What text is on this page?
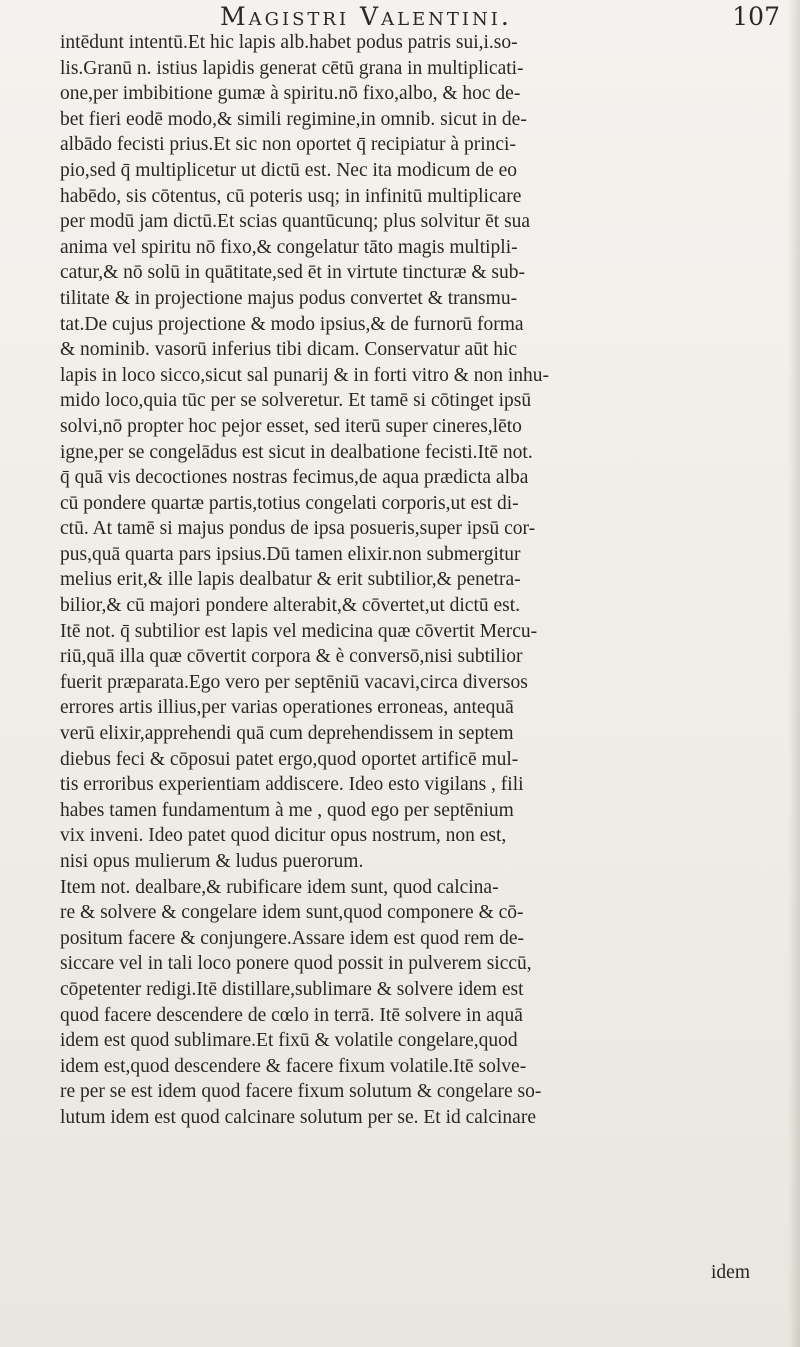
Magistri Valentini.	107
intēdunt intentū.Et hic lapis alb.habet podus patris sui,i.so-
lis.Granū n. istius lapidis generat cētū grana in multiplicati-
one,per imbibitione gumæ à spiritu.nō fixo,albo, & hoc de-
bet fieri eodē modo,& simili regimine,in omnib. sicut in de-
albādo fecisti prius.Et sic non oportet q̄ recipiatur à princi-
pio,sed q̄ multiplicetur ut dictū est. Nec ita modicum de eo
habēdo, sis cōtentus, cū poteris usq; in infinitū multiplicare
per modū jam dictū.Et scias quantūcunq; plus solvitur ēt sua
anima vel spiritu nō fixo,& congelatur tāto magis multipli-
catur,& nō solū in quātitate,sed ēt in virtute tincturæ & sub-
tilitate & in projectione majus podus convertet & transmu-
tat.De cujus projectione & modo ipsius,& de furnorū forma
& nominib. vasorū inferius tibi dicam. Conservatur aūt hic
lapis in loco sicco,sicut sal punarij & in forti vitro & non inhu-
mido loco,quia tūc per se solveretur. Et tamē si cōtinget ipsū
solvi,nō propter hoc pejor esset, sed iterū super cineres,lēto
igne,per se congelādus est sicut in dealbatione fecisti.Itē not.
q̄ quā vis decoctiones nostras fecimus,de aqua prædicta alba
cū pondere quartæ partis,totius congelati corporis,ut est di-
ctū. At tamē si majus pondus de ipsa posueris,super ipsū cor-
pus,quā quarta pars ipsius.Dū tamen elixir.non submergitur
melius erit,& ille lapis dealbatur & erit subtilior,& penetra-
bilior,& cū majori pondere alterabit,& cōvertet,ut dictū est.
Itē not. q̄ subtilior est lapis vel medicina quæ cōvertit Mercu-
riū,quā illa quæ cōvertit corpora & è conversō,nisi subtilior
fuerit præparata.Ego vero per septēniū vacavi,circa diversos
errores artis illius,per varias operationes erroneas, antequā
verū elixir,apprehendi quā cum deprehendissem in septem
diebus feci & cōposui patet ergo,quod oportet artificē mul-
tis erroribus experientiam addiscere. Ideo esto vigilans , fili
habes tamen fundamentum à me , quod ego per septēnium
vix inveni. Ideo patet quod dicitur opus nostrum, non est,
nisi opus mulierum & ludus puerorum.
Item not. dealbare,& rubificare idem sunt, quod calcina-
re & solvere & congelare idem sunt,quod componere & cō-
positum facere & conjungere.Assare idem est quod rem de-
siccare vel in tali loco ponere quod possit in pulverem siccū,
cōpetenter redigi.Itē distillare,sublimare & solvere idem est
quod facere descendere de cœlo in terrā. Itē solvere in aquā
idem est quod sublimare.Et fixū & volatile congelare,quod
idem est,quod descendere & facere fixum volatile.Itē solve-
re per se est idem quod facere fixum solutum & congelare so-
lutum idem est quod calcinare solutum per se. Et id calcinare
idem
